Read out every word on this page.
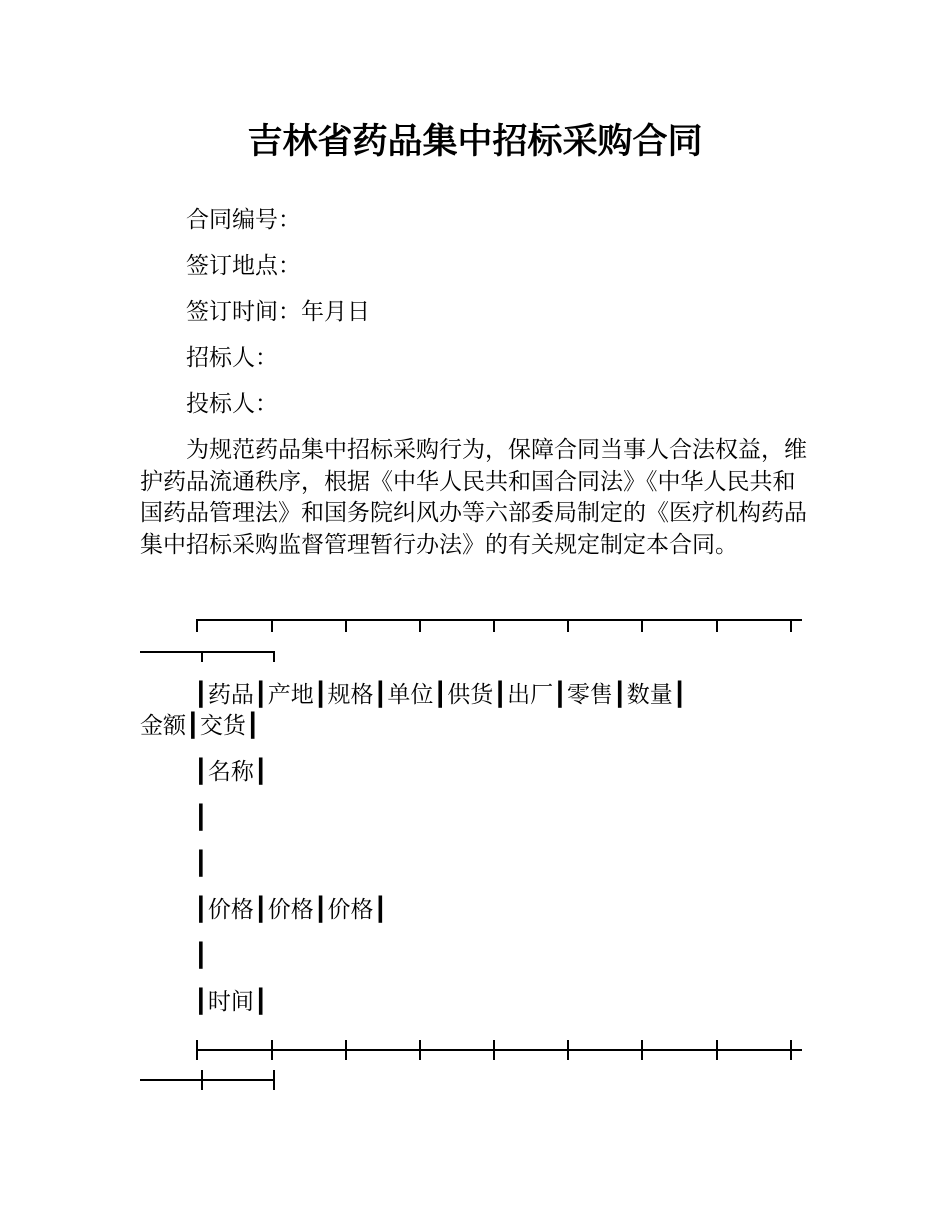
吉林省药品集中招标采购合同
合同编号：
签订地点：
签订时间：年月日
招标人：
投标人：

为规范药品集中招标采购行为，保障合同当事人合法权益，维护药品流通秩序，根据《中华人民共和国合同法》《中华人民共和国药品管理法》和国务院纠风办等六部委局制定的《医疗机构药品集中招标采购监督管理暂行办法》的有关规定制定本合同。

┃药品┃产地┃规格┃单位┃供货┃出厂┃零售┃数量┃
金额┃交货┃
┃名称┃
┃
┃
┃价格┃价格┃价格┃
┃
┃时间┃
